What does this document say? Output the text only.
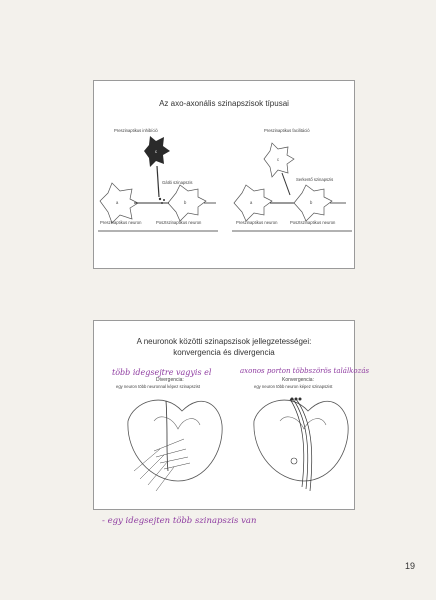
Az axo-axonális szinapszisok típusai
Preszinaptikus inhibíció
c
a	b
Gátló szinapszis
Preszinaptikus neuron	Posztszinaptikus neuron
Preszinaptikus facilitáció
c
a	b
Serkentő szinapszis
Preszinaptikus neuron	Posztszinaptikus neuron
A neuronok közötti szinapszisok jellegzetességei:
konvergencia és divergencia
Divergencia:
egy neuron több neuronnal képez szinapszist
Konvergencia:
egy neuron több neuron képez szinapszist
több idegsejtre vagyis el	axonos porton többszörös találkozás
- egy idegsejten több szinapszis van
19
